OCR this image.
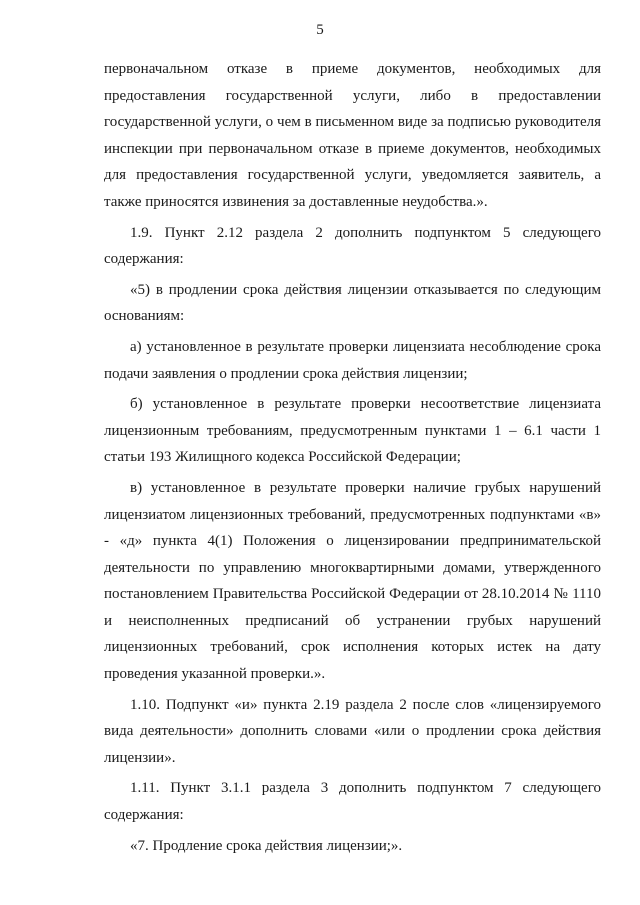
5
первоначальном отказе в приеме документов, необходимых для
предоставления государственной услуги, либо в предоставлении
государственной услуги, о чем в письменном виде за подписью руководителя
инспекции при первоначальном отказе в приеме документов, необходимых
для предоставления государственной услуги, уведомляется заявитель, а
также приносятся извинения за доставленные неудобства.».
1.9. Пункт 2.12 раздела 2 дополнить подпунктом 5 следующего
содержания:
«5) в продлении срока действия лицензии отказывается по следующим
основаниям:
а) установленное в результате проверки лицензиата несоблюдение срока
подачи заявления о продлении срока действия лицензии;
б) установленное в результате проверки несоответствие лицензиата
лицензионным требованиям, предусмотренным пунктами 1 – 6.1 части 1
статьи 193 Жилищного кодекса Российской Федерации;
в) установленное в результате проверки наличие грубых нарушений
лицензиатом лицензионных требований, предусмотренных подпунктами «в»
- «д» пункта 4(1) Положения о лицензировании предпринимательской
деятельности по управлению многоквартирными домами, утвержденного
постановлением Правительства Российской Федерации от 28.10.2014 № 1110
и неисполненных предписаний об устранении грубых нарушений
лицензионных требований, срок исполнения которых истек на дату
проведения указанной проверки.».
1.10. Подпункт «и» пункта 2.19 раздела 2 после слов «лицензируемого
вида деятельности» дополнить словами «или о продлении срока действия
лицензии».
1.11. Пункт 3.1.1 раздела 3 дополнить подпунктом 7 следующего
содержания:
«7. Продление срока действия лицензии;».
